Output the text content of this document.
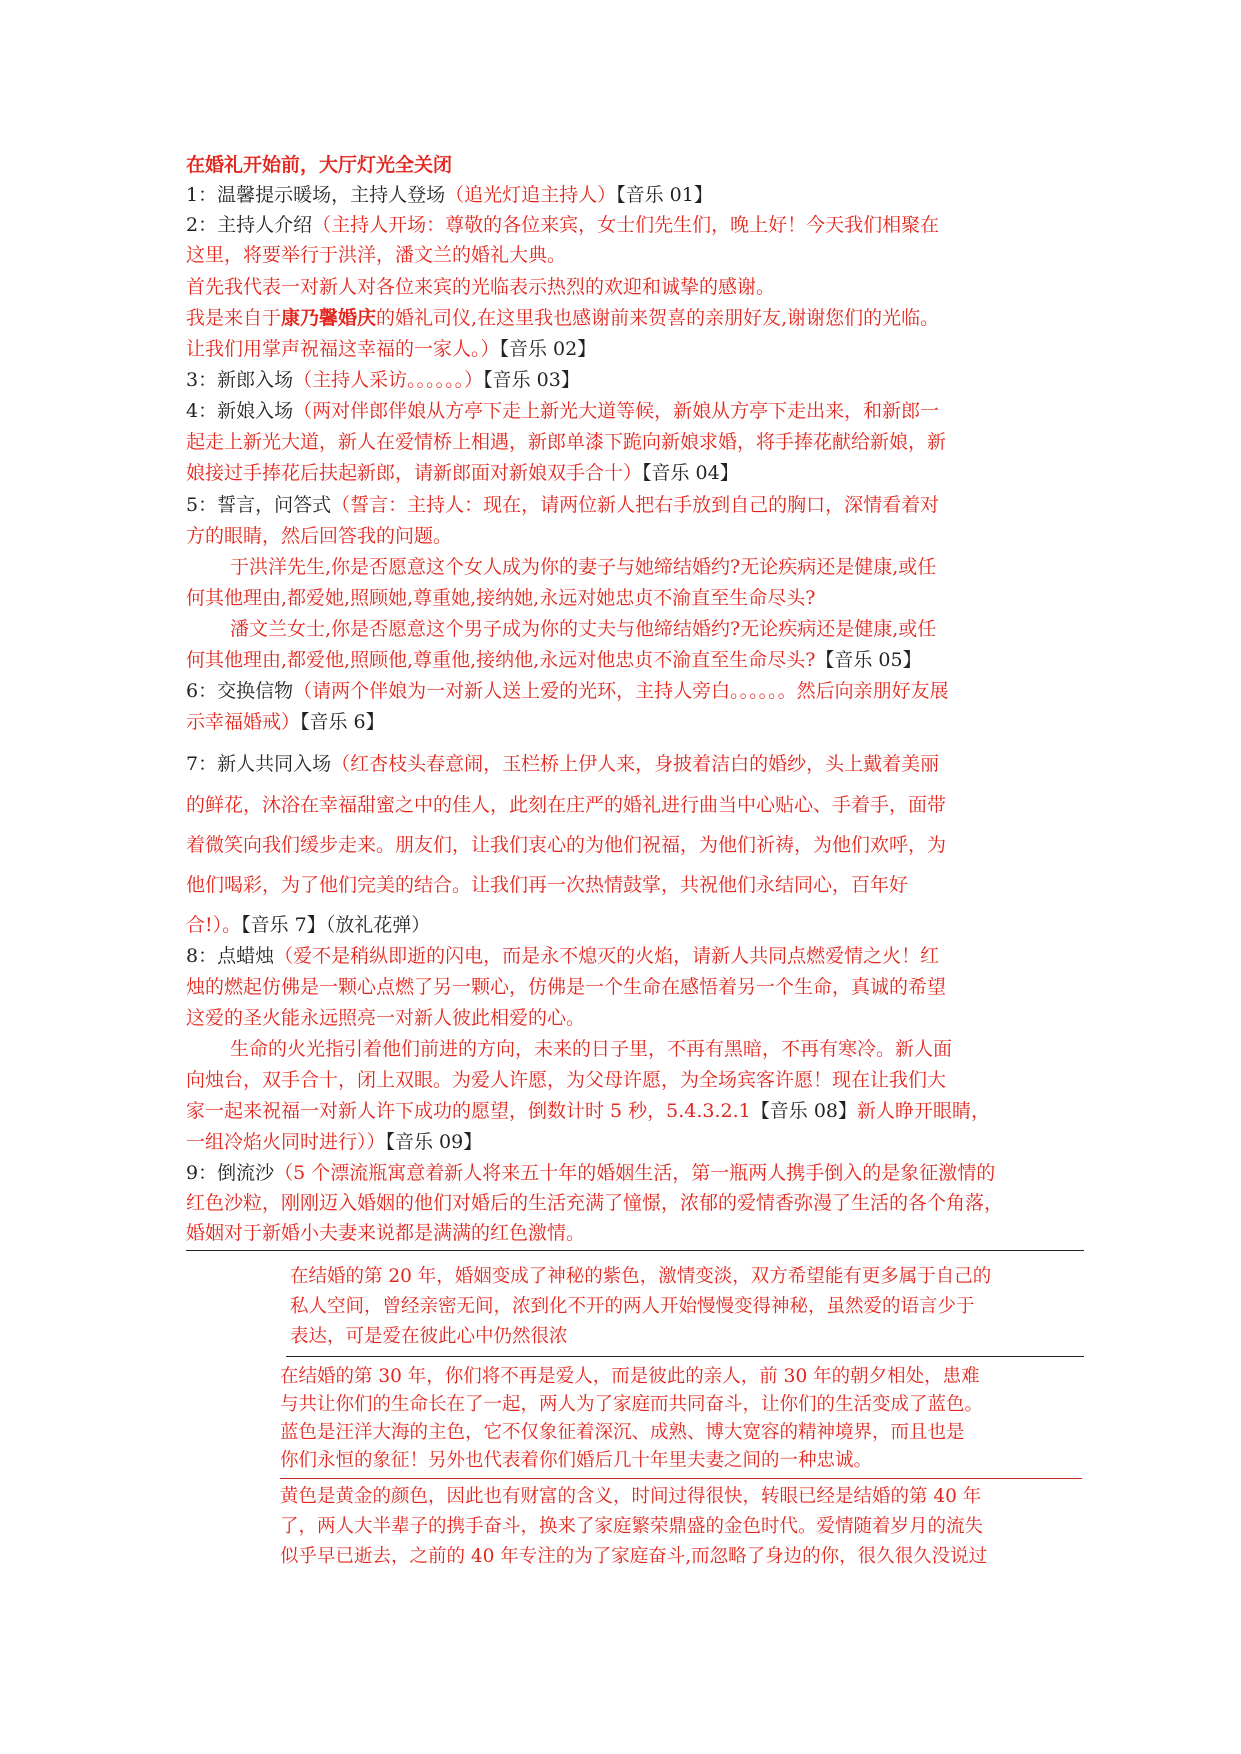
在婚礼开始前，大厅灯光全关闭
1：温馨提示暖场，主持人登场（追光灯追主持人）【音乐 01】
2：主持人介绍（主持人开场：尊敬的各位来宾，女士们先生们，晚上好！今天我们相聚在
这里，将要举行于洪洋，潘文兰的婚礼大典。
首先我代表一对新人对各位来宾的光临表示热烈的欢迎和诚挚的感谢。
我是来自于康乃馨婚庆的婚礼司仪,在这里我也感谢前来贺喜的亲朋好友,谢谢您们的光临。
让我们用掌声祝福这幸福的一家人。）【音乐 02】
3：新郎入场（主持人采访。。。。。。）【音乐 03】
4：新娘入场（两对伴郎伴娘从方亭下走上新光大道等候，新娘从方亭下走出来，和新郎一
起走上新光大道，新人在爱情桥上相遇，新郎单漆下跪向新娘求婚，将手捧花献给新娘，新
娘接过手捧花后扶起新郎，请新郎面对新娘双手合十）【音乐 04】
5：誓言，问答式（誓言：主持人：现在，请两位新人把右手放到自己的胸口，深情看着对
方的眼睛，然后回答我的问题。
于洪洋先生,你是否愿意这个女人成为你的妻子与她缔结婚约?无论疾病还是健康,或任
何其他理由,都爱她,照顾她,尊重她,接纳她,永远对她忠贞不渝直至生命尽头?
潘文兰女士,你是否愿意这个男子成为你的丈夫与他缔结婚约?无论疾病还是健康,或任
何其他理由,都爱他,照顾他,尊重他,接纳他,永远对他忠贞不渝直至生命尽头?【音乐 05】
6：交换信物（请两个伴娘为一对新人送上爱的光环，主持人旁白。。。。。。然后向亲朋好友展
示幸福婚戒）【音乐 6】
7：新人共同入场（红杏枝头春意闹，玉栏桥上伊人来，身披着洁白的婚纱，头上戴着美丽
的鲜花，沐浴在幸福甜蜜之中的佳人，此刻在庄严的婚礼进行曲当中心贴心、手着手，面带
着微笑向我们缓步走来。朋友们，让我们衷心的为他们祝福，为他们祈祷，为他们欢呼，为
他们喝彩，为了他们完美的结合。让我们再一次热情鼓掌，共祝他们永结同心，百年好
合!）。【音乐 7】（放礼花弹）
8：点蜡烛（爱不是稍纵即逝的闪电，而是永不熄灭的火焰，请新人共同点燃爱情之火！红
烛的燃起仿佛是一颗心点燃了另一颗心，仿佛是一个生命在感悟着另一个生命，真诚的希望
这爱的圣火能永远照亮一对新人彼此相爱的心。
生命的火光指引着他们前进的方向，未来的日子里，不再有黑暗，不再有寒冷。新人面
向烛台，双手合十，闭上双眼。为爱人许愿，为父母许愿，为全场宾客许愿！现在让我们大
家一起来祝福一对新人许下成功的愿望，倒数计时 5 秒，5.4.3.2.1【音乐 08】新人睁开眼睛，
一组冷焰火同时进行））【音乐 09】
9：倒流沙（5 个漂流瓶寓意着新人将来五十年的婚姻生活，第一瓶两人携手倒入的是象征激情的
红色沙粒，刚刚迈入婚姻的他们对婚后的生活充满了憧憬，浓郁的爱情香弥漫了生活的各个角落，
婚姻对于新婚小夫妻来说都是满满的红色激情。
在结婚的第 20 年，婚姻变成了神秘的紫色，激情变淡，双方希望能有更多属于自己的
私人空间，曾经亲密无间，浓到化不开的两人开始慢慢变得神秘，虽然爱的语言少于
表达，可是爱在彼此心中仍然很浓
在结婚的第 30 年，你们将不再是爱人，而是彼此的亲人，前 30 年的朝夕相处，患难
与共让你们的生命长在了一起，两人为了家庭而共同奋斗，让你们的生活变成了蓝色。
蓝色是汪洋大海的主色，它不仅象征着深沉、成熟、博大宽容的精神境界，而且也是
你们永恒的象征！另外也代表着你们婚后几十年里夫妻之间的一种忠诚。
黄色是黄金的颜色，因此也有财富的含义，时间过得很快，转眼已经是结婚的第 40 年
了，两人大半辈子的携手奋斗，换来了家庭繁荣鼎盛的金色时代。爱情随着岁月的流失
似乎早已逝去，之前的 40 年专注的为了家庭奋斗,而忽略了身边的你，很久很久没说过
